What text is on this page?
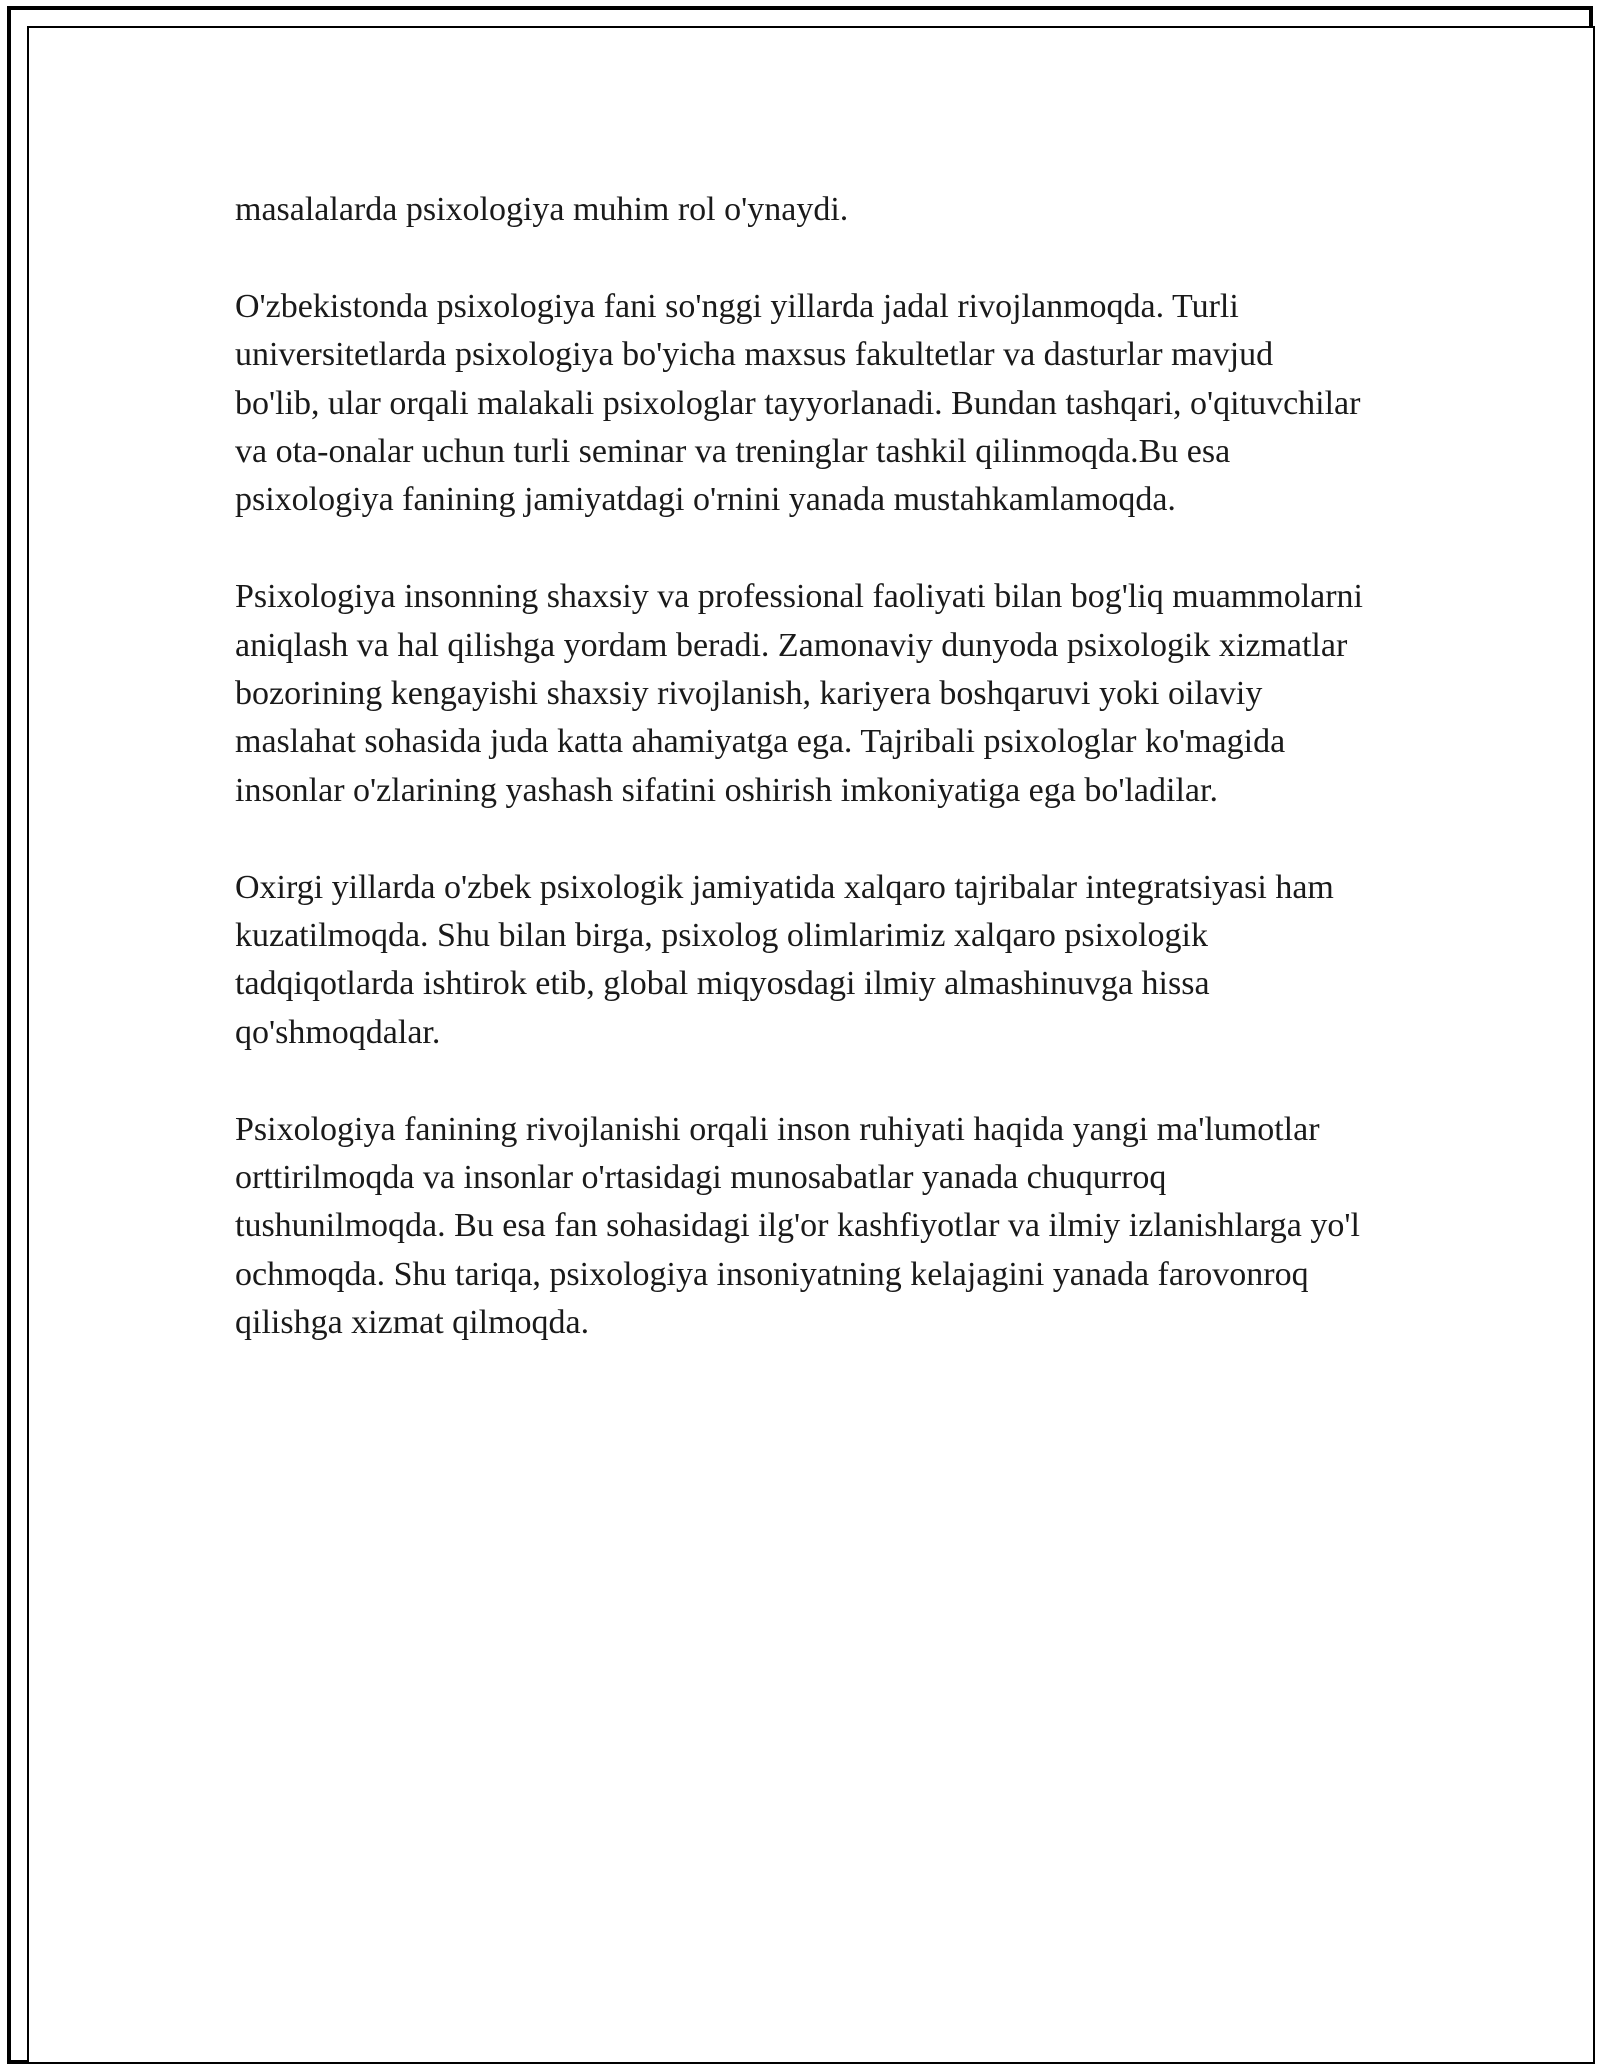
masalalarda psixologiya muhim rol o'ynaydi.

O'zbekistonda psixologiya fani so'nggi yillarda jadal rivojlanmoqda. Turli universitetlarda psixologiya bo'yicha maxsus fakultetlar va dasturlar mavjud bo'lib, ular orqali malakali psixologlar tayyorlanadi. Bundan tashqari, o'qituvchilar va ota-onalar uchun turli seminar va treninglar tashkil qilinmoqda.Bu esa psixologiya fanining jamiyatdagi o'rnini yanada mustahkamlamoqda.

Psixologiya insonning shaxsiy va professional faoliyati bilan bog'liq muammolarni aniqlash va hal qilishga yordam beradi. Zamonaviy dunyoda psixologik xizmatlar bozorining kengayishi shaxsiy rivojlanish, kariyera boshqaruvi yoki oilaviy maslahat sohasida juda katta ahamiyatga ega. Tajribali psixologlar ko'magida insonlar o'zlarining yashash sifatini oshirish imkoniyatiga ega bo'ladilar.

Oxirgi yillarda o'zbek psixologik jamiyatida xalqaro tajribalar integratsiyasi ham kuzatilmoqda. Shu bilan birga, psixolog olimlarimiz xalqaro psixologik tadqiqotlarda ishtirok etib, global miqyosdagi ilmiy almashinuvga hissa qo'shmoqdalar.

Psixologiya fanining rivojlanishi orqali inson ruhiyati haqida yangi ma'lumotlar orttirilmoqda va insonlar o'rtasidagi munosabatlar yanada chuqurroq tushunilmoqda. Bu esa fan sohasidagi ilg'or kashfiyotlar va ilmiy izlanishlarga yo'l ochmoqda. Shu tariqa, psixologiya insoniyatning kelajagini yanada farovonroq qilishga xizmat qilmoqda.
